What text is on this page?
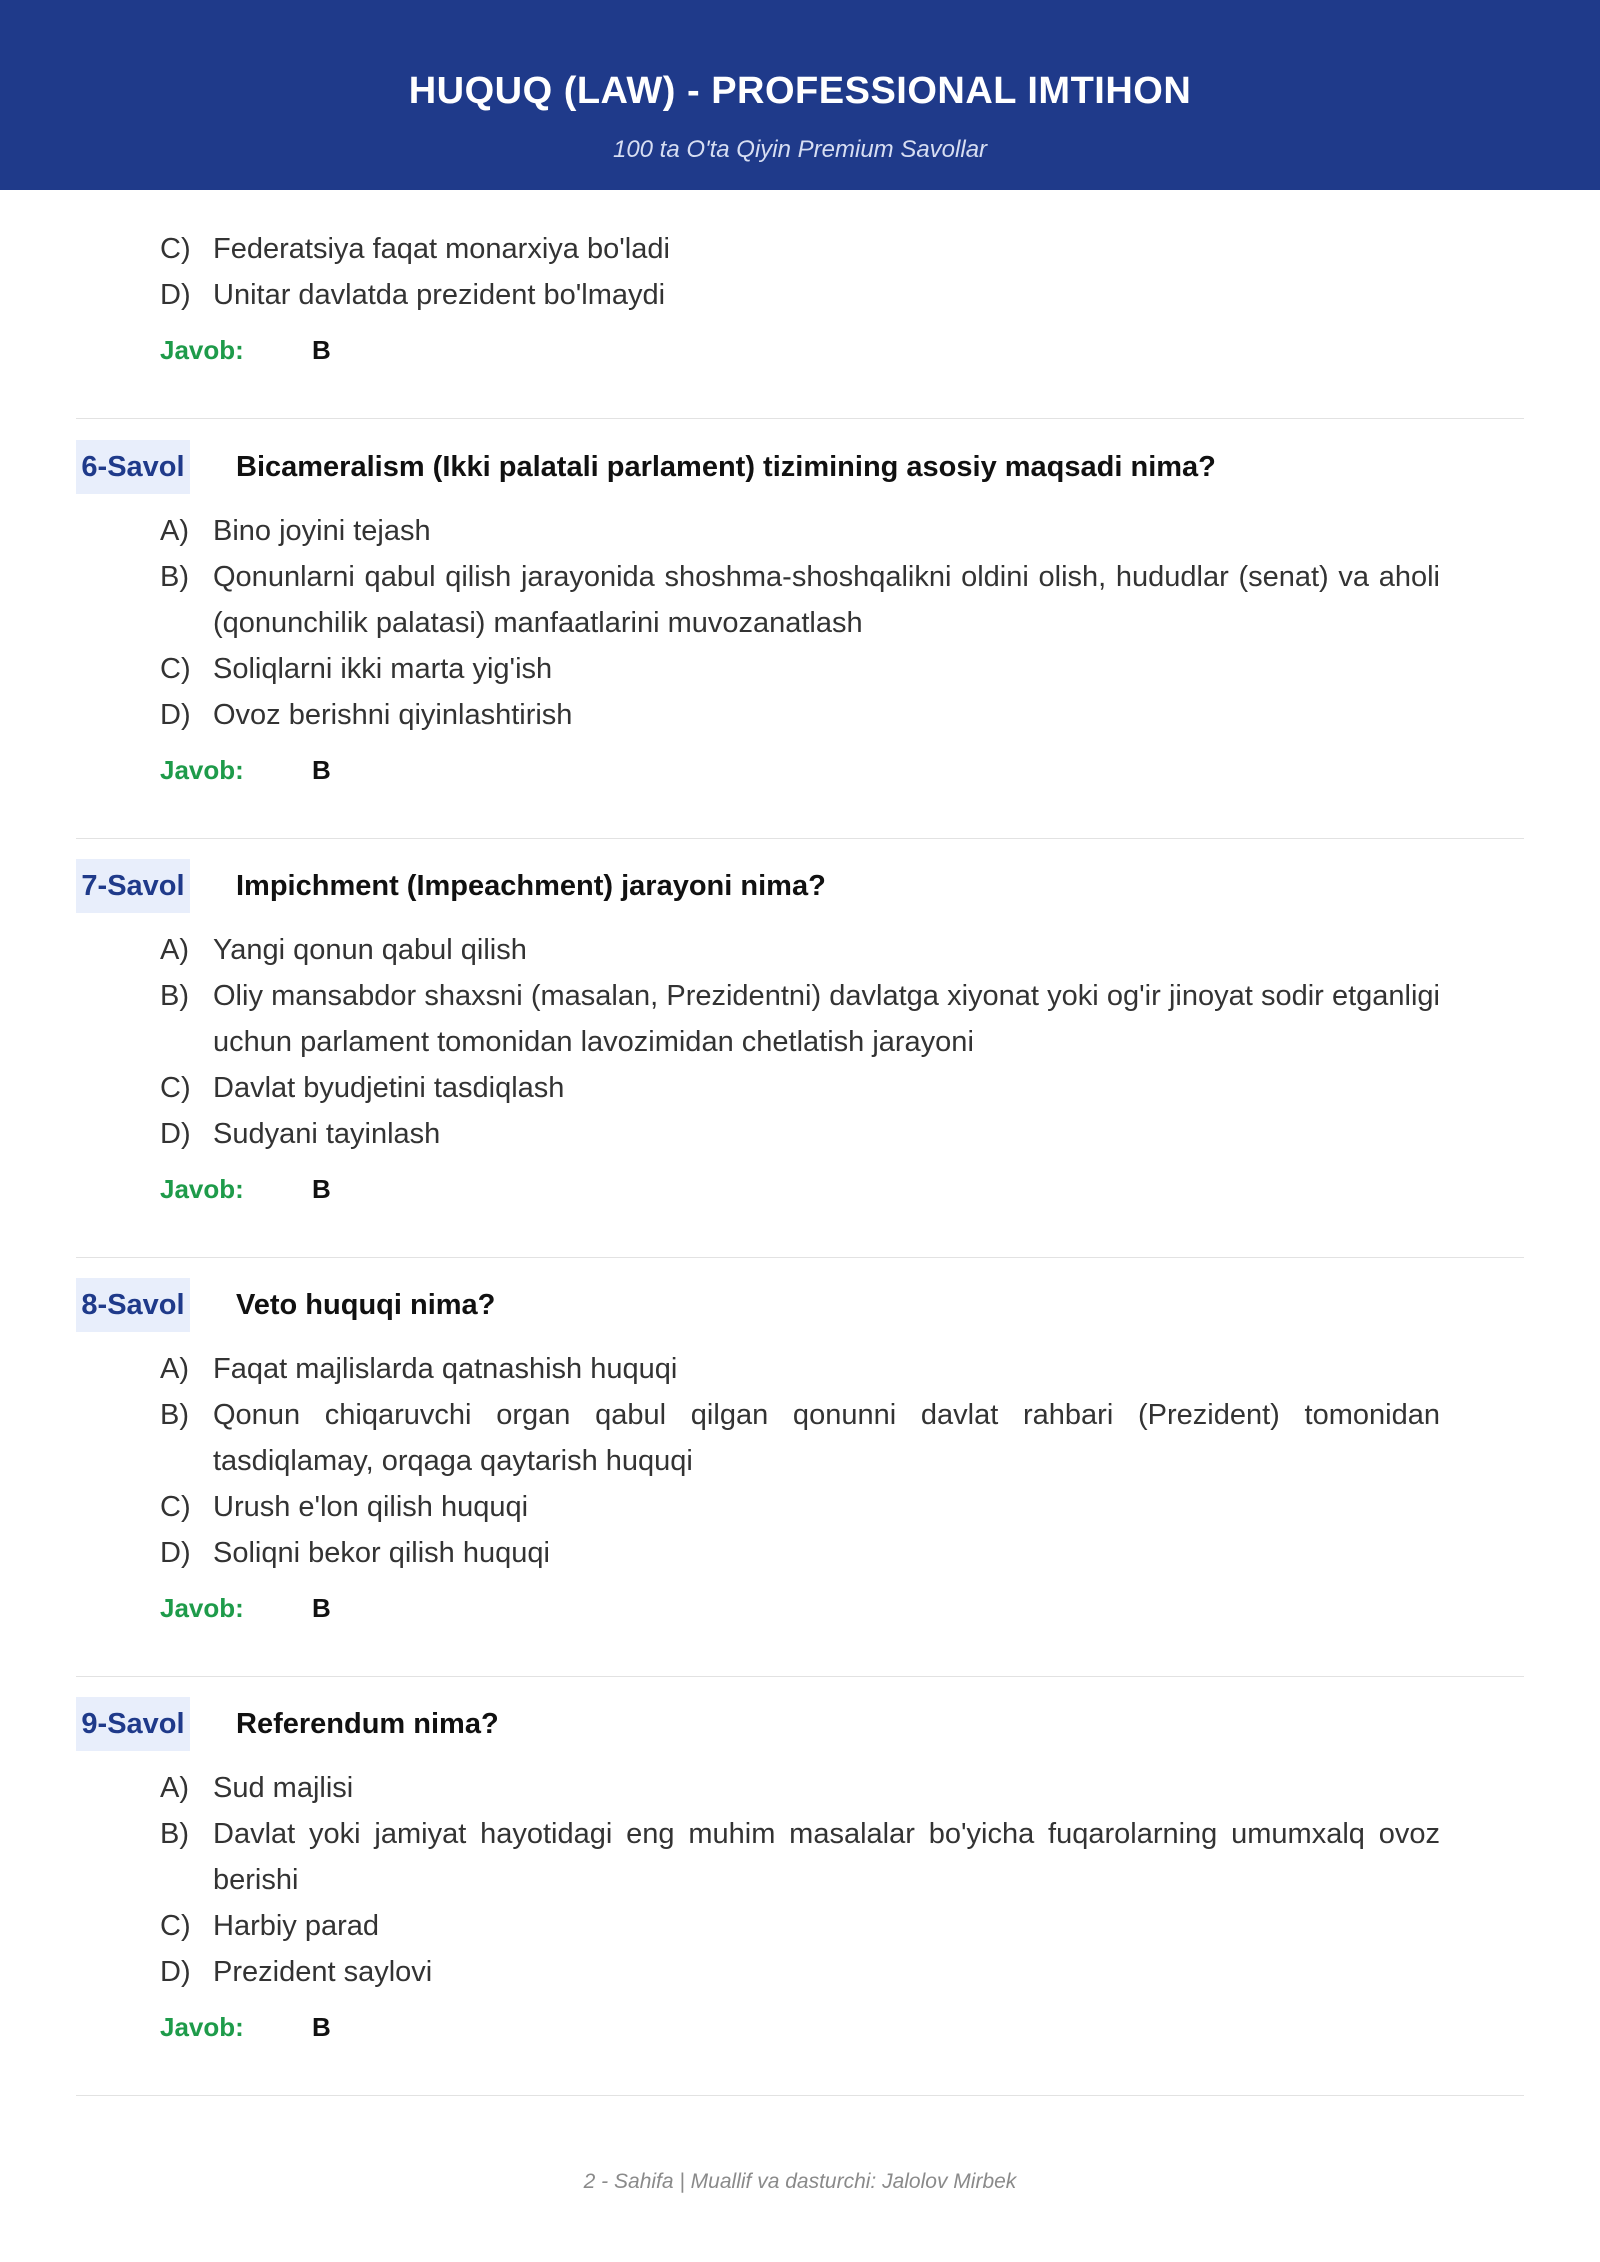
HUQUQ (LAW) - PROFESSIONAL IMTIHON
100 ta O'ta Qiyin Premium Savollar
C) Federatsiya faqat monarxiya bo'ladi
D) Unitar davlatda prezident bo'lmaydi
Javob:	B
6-Savol Bicameralism (Ikki palatali parlament) tizimining asosiy maqsadi nima?
A) Bino joyini tejash
B) Qonunlarni qabul qilish jarayonida shoshma-shoshqalikni oldini olish, hududlar (senat) va aholi (qonunchilik palatasi) manfaatlarini muvozanatlash
C) Soliqlarni ikki marta yig'ish
D) Ovoz berishni qiyinlashtirish
Javob:	B
7-Savol Impichment (Impeachment) jarayoni nima?
A) Yangi qonun qabul qilish
B) Oliy mansabdor shaxsni (masalan, Prezidentni) davlatga xiyonat yoki og'ir jinoyat sodir etganligi uchun parlament tomonidan lavozimidan chetlatish jarayoni
C) Davlat byudjetini tasdiqlash
D) Sudyani tayinlash
Javob:	B
8-Savol Veto huquqi nima?
A) Faqat majlislarda qatnashish huquqi
B) Qonun chiqaruvchi organ qabul qilgan qonunni davlat rahbari (Prezident) tomonidan tasdiqlamay, orqaga qaytarish huquqi
C) Urush e'lon qilish huquqi
D) Soliqni bekor qilish huquqi
Javob:	B
9-Savol Referendum nima?
A) Sud majlisi
B) Davlat yoki jamiyat hayotidagi eng muhim masalalar bo'yicha fuqarolarning umumxalq ovoz berishi
C) Harbiy parad
D) Prezident saylovi
Javob:	B
2 - Sahifa | Muallif va dasturchi: Jalolov Mirbek
